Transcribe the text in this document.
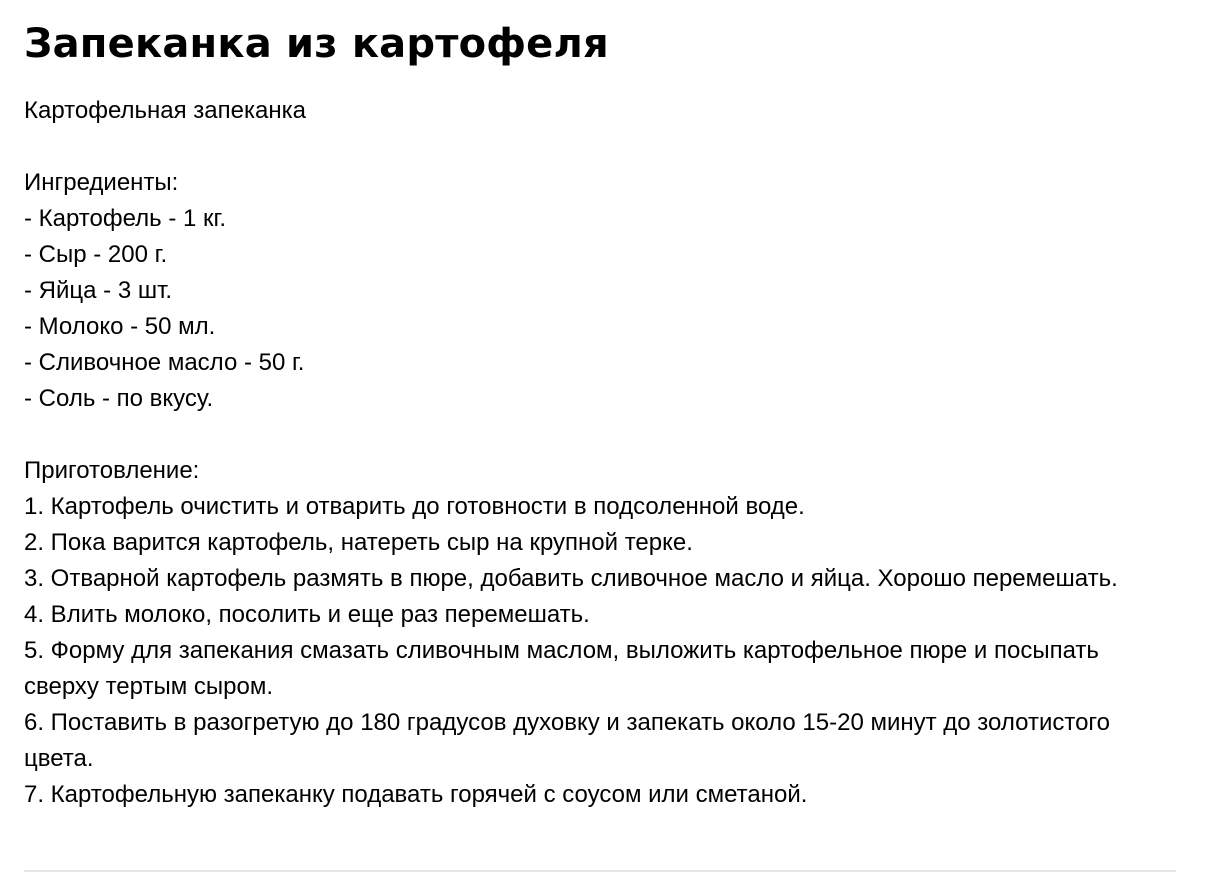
Запеканка из картофеля
Картофельная запеканка
Ингредиенты:
- Картофель - 1 кг.
- Сыр - 200 г.
- Яйца - 3 шт.
- Молоко - 50 мл.
- Сливочное масло - 50 г.
- Соль - по вкусу.
Приготовление:
1. Картофель очистить и отварить до готовности в подсоленной воде.
2. Пока варится картофель, натереть сыр на крупной терке.
3. Отварной картофель размять в пюре, добавить сливочное масло и яйца. Хорошо перемешать.
4. Влить молоко, посолить и еще раз перемешать.
5. Форму для запекания смазать сливочным маслом, выложить картофельное пюре и посыпать сверху тертым сыром.
6. Поставить в разогретую до 180 градусов духовку и запекать около 15-20 минут до золотистого цвета.
7. Картофельную запеканку подавать горячей с соусом или сметаной.
